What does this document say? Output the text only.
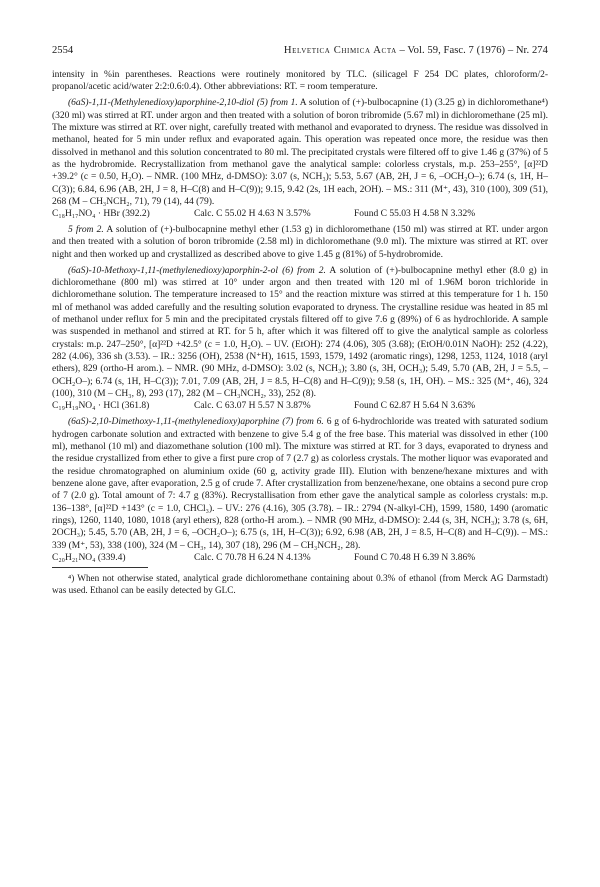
2554	Helvetica Chimica Acta – Vol. 59, Fasc. 7 (1976) – Nr. 274

intensity in %in parentheses. Reactions were routinely monitored by TLC. (silicagel F 254 DC plates, chloroform/2-propanol/acetic acid/water 2:2:0.6:0.4). Other abbreviations: RT. = room temperature.

(6aS)-1,11-(Methylenedioxy)aporphine-2,10-diol (5) from 1. A solution of (+)-bulbocapnine (1) (3.25 g) in dichloromethane⁴) (320 ml) was stirred at RT. under argon and then treated with a solution of boron tribromide (5.67 ml) in dichloromethane (25 ml). The mixture was stirred at RT. over night, carefully treated with methanol and evaporated to dryness. The residue was dissolved in methanol, heated for 5 min under reflux and evaporated again. This operation was repeated once more, the residue was then dissolved in methanol and this solution concentrated to 80 ml. The precipitated crystals were filtered off to give 1.46 g (37%) of 5 as the hydrobromide. Recrystallization from methanol gave the analytical sample: colorless crystals, m.p. 253–255°, [α]²²D +39.2° (c = 0.50, H₂O). – NMR. (100 MHz, d-DMSO): 3.07 (s, NCH₃); 5.53, 5.67 (AB, 2H, J = 6, –OCH₂O–); 6.74 (s, 1H, H–C(3)); 6.84, 6.96 (AB, 2H, J = 8, H–C(8) and H–C(9)); 9.15, 9.42 (2s, 1H each, 2OH). – MS.: 311 (M⁺, 43), 310 (100), 309 (51), 268 (M – CH₃NCH₂, 71), 79 (14), 44 (79).

C₁₈H₁₇NO₄ · HBr (392.2)	Calc. C 55.02 H 4.63 N 3.57%	Found C 55.03 H 4.58 N 3.32%

5 from 2. A solution of (+)-bulbocapnine methyl ether (1.53 g) in dichloromethane (150 ml) was stirred at RT. under argon and then treated with a solution of boron tribromide (2.58 ml) in dichloromethane (9.0 ml). The mixture was stirred at RT. over night and then worked up and crystallized as described above to give 1.45 g (81%) of 5-hydrobromide.

(6aS)-10-Methoxy-1,11-(methylenedioxy)aporphin-2-ol (6) from 2. A solution of (+)-bulbocapnine methyl ether (8.0 g) in dichloromethane (800 ml) was stirred at 10° under argon and then treated with 120 ml of 1.96M boron trichloride in dichloromethane solution. The temperature increased to 15° and the reaction mixture was stirred at this temperature for 1 h. 150 ml of methanol was added carefully and the resulting solution evaporated to dryness. The crystalline residue was heated in 85 ml of methanol under reflux for 5 min and the precipitated crystals filtered off to give 7.6 g (89%) of 6 as hydrochloride. A sample was suspended in methanol and stirred at RT. for 5 h, after which it was filtered off to give the analytical sample as colorless crystals: m.p. 247–250°, [α]²²D +42.5° (c = 1.0, H₂O). – UV. (EtOH): 274 (4.06), 305 (3.68); (EtOH/0.01N NaOH): 252 (4.22), 282 (4.06), 336 sh (3.53). – IR.: 3256 (OH), 2538 (N⁺H), 1615, 1593, 1579, 1492 (aromatic rings), 1298, 1253, 1124, 1018 (aryl ethers), 829 (ortho-H arom.). – NMR. (90 MHz, d-DMSO): 3.02 (s, NCH₃); 3.80 (s, 3H, OCH₃); 5.49, 5.70 (AB, 2H, J = 5.5, –OCH₂O–); 6.74 (s, 1H, H–C(3)); 7.01, 7.09 (AB, 2H, J = 8.5, H–C(8) and H–C(9)); 9.58 (s, 1H, OH). – MS.: 325 (M⁺, 46), 324 (100), 310 (M – CH₃, 8), 293 (17), 282 (M – CH₃NCH₂, 33), 252 (8).

C₁₉H₁₉NO₄ · HCl (361.8)	Calc. C 63.07 H 5.57 N 3.87%	Found C 62.87 H 5.64 N 3.63%

(6aS)-2,10-Dimethoxy-1,11-(methylenedioxy)aporphine (7) from 6. 6 g of 6-hydrochloride was treated with saturated sodium hydrogen carbonate solution and extracted with benzene to give 5.4 g of the free base. This material was dissolved in ether (100 ml), methanol (10 ml) and diazomethane solution (100 ml). The mixture was stirred at RT. for 3 days, evaporated to dryness and the residue crystallized from ether to give a first pure crop of 7 (2.7 g) as colorless crystals. The mother liquor was evaporated and the residue chromatographed on aluminium oxide (60 g, activity grade III). Elution with benzene/hexane mixtures and with benzene alone gave, after evaporation, 2.5 g of crude 7. After crystallization from benzene/hexane, one obtains a second pure crop of 7 (2.0 g). Total amount of 7: 4.7 g (83%). Recrystallisation from ether gave the analytical sample as colorless crystals: m.p. 136–138°, [α]²²D +143° (c = 1.0, CHCl₃). – UV.: 276 (4.16), 305 (3.78). – IR.: 2794 (N-alkyl-CH), 1599, 1580, 1490 (aromatic rings), 1260, 1140, 1080, 1018 (aryl ethers), 828 (ortho-H arom.). – NMR (90 MHz, d-DMSO): 2.44 (s, 3H, NCH₃); 3.78 (s, 6H, 2OCH₃); 5.45, 5.70 (AB, 2H, J = 6, –OCH₂O–); 6.75 (s, 1H, H–C(3)); 6.92, 6.98 (AB, 2H, J = 8.5, H–C(8) and H–C(9)). – MS.: 339 (M⁺, 53), 338 (100), 324 (M – CH₃, 14), 307 (18), 296 (M – CH₃NCH₂, 28).

C₂₀H₂₁NO₄ (339.4)	Calc. C 70.78 H 6.24 N 4.13%	Found C 70.48 H 6.39 N 3.86%

⁴) When not otherwise stated, analytical grade dichloromethane containing about 0.3% of ethanol (from Merck AG Darmstadt) was used. Ethanol can be easily detected by GLC.
